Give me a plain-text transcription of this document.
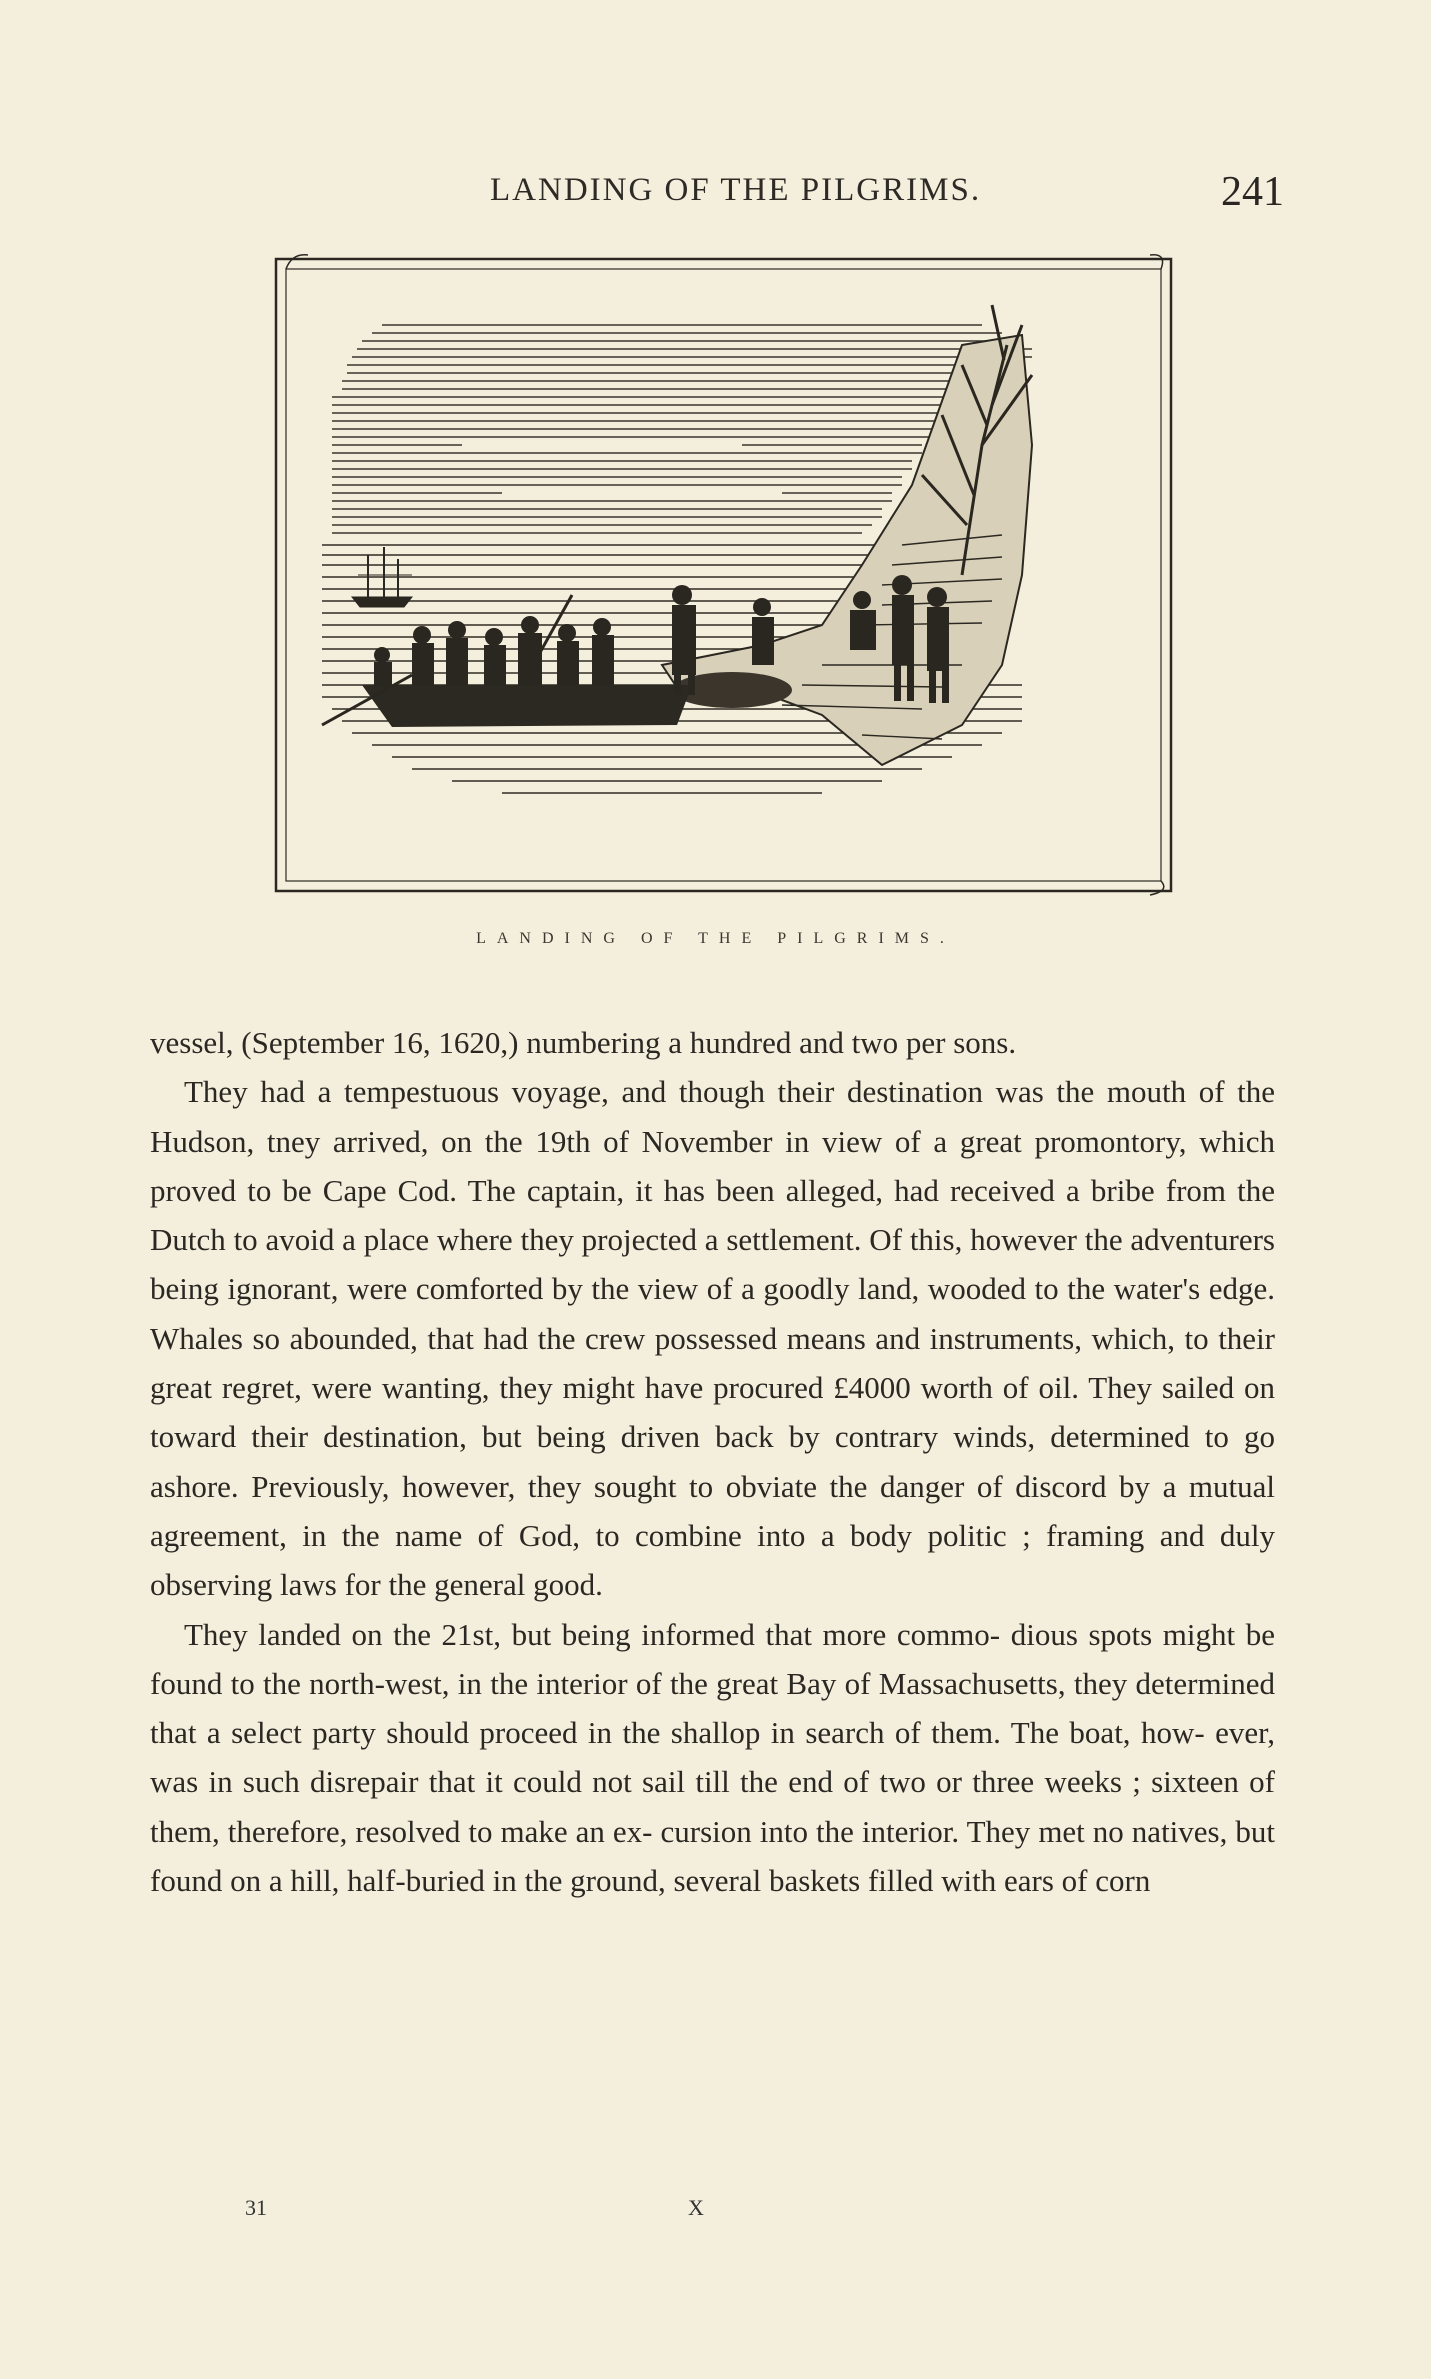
LANDING OF THE PILGRIMS.	241
LANDING OF THE PILGRIMS.

vessel, (September 16, 1620,) numbering a hundred and two per sons.

They had a tempestuous voyage, and though their destination was the mouth of the Hudson, tney arrived, on the 19th of November in view of a great promontory, which proved to be Cape Cod. The captain, it has been alleged, had received a bribe from the Dutch to avoid a place where they projected a settlement. Of this, however the adventurers being ignorant, were comforted by the view of a goodly land, wooded to the water's edge. Whales so abounded, that had the crew possessed means and instruments, which, to their great regret, were wanting, they might have procured £4000 worth of oil. They sailed on toward their destination, but being driven back by contrary winds, determined to go ashore. Previously, however, they sought to obviate the danger of discord by a mutual agreement, in the name of God, to combine into a body politic ; framing and duly observing laws for the general good.

They landed on the 21st, but being informed that more commo- dious spots might be found to the north-west, in the interior of the great Bay of Massachusetts, they determined that a select party should proceed in the shallop in search of them. The boat, how- ever, was in such disrepair that it could not sail till the end of two or three weeks ; sixteen of them, therefore, resolved to make an ex- cursion into the interior. They met no natives, but found on a hill, half-buried in the ground, several baskets filled with ears of corn

31	X
